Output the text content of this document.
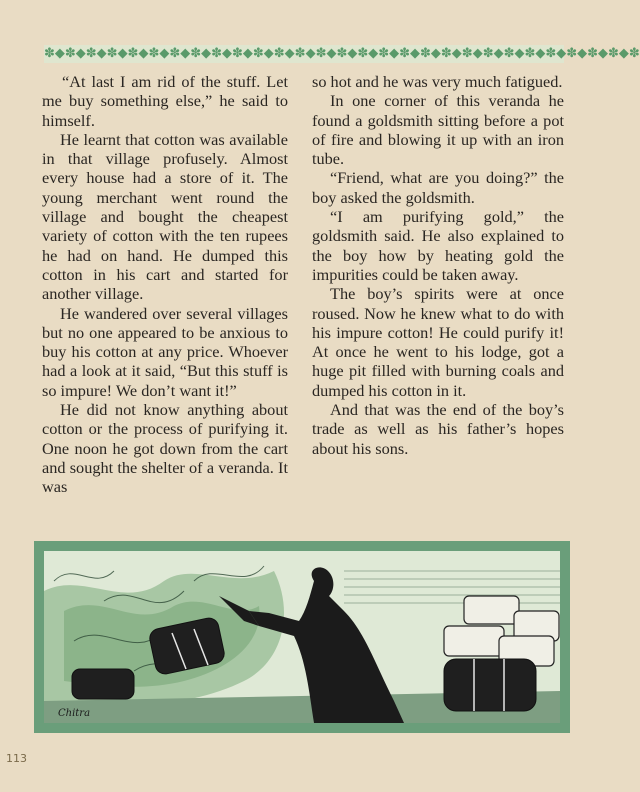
✽◆✽◆✽◆✽◆✽◆✽◆✽◆✽◆✽◆✽◆✽◆✽◆✽◆✽◆✽◆✽◆✽◆✽◆✽◆✽◆✽◆✽◆✽◆✽◆✽◆✽◆✽◆✽◆✽

“At last I am rid of the stuff. Let me buy something else,” he said to himself.

He learnt that cotton was available in that village profusely. Almost every house had a store of it. The young merchant went round the village and bought the cheapest variety of cotton with the ten rupees he had on hand. He dumped this cotton in his cart and started for another village.

He wandered over several villages but no one appeared to be anxious to buy his cotton at any price. Whoever had a look at it said, “But this stuff is so impure! We don’t want it!”

He did not know anything about cotton or the process of purifying it. One noon he got down from the cart and sought the shelter of a veranda. It was

so hot and he was very much fatigued.

In one corner of this veranda he found a goldsmith sitting before a pot of fire and blowing it up with an iron tube.

“Friend, what are you doing?” the boy asked the goldsmith.

“I am purifying gold,” the goldsmith said. He also explained to the boy how by heating gold the impurities could be taken away.

The boy’s spirits were at once roused. Now he knew what to do with his impure cotton! He could purify it! At once he went to his lodge, got a huge pit filled with burning coals and dumped his cotton in it.

And that was the end of the boy’s trade as well as his father’s hopes about his sons.

Chitra
113
